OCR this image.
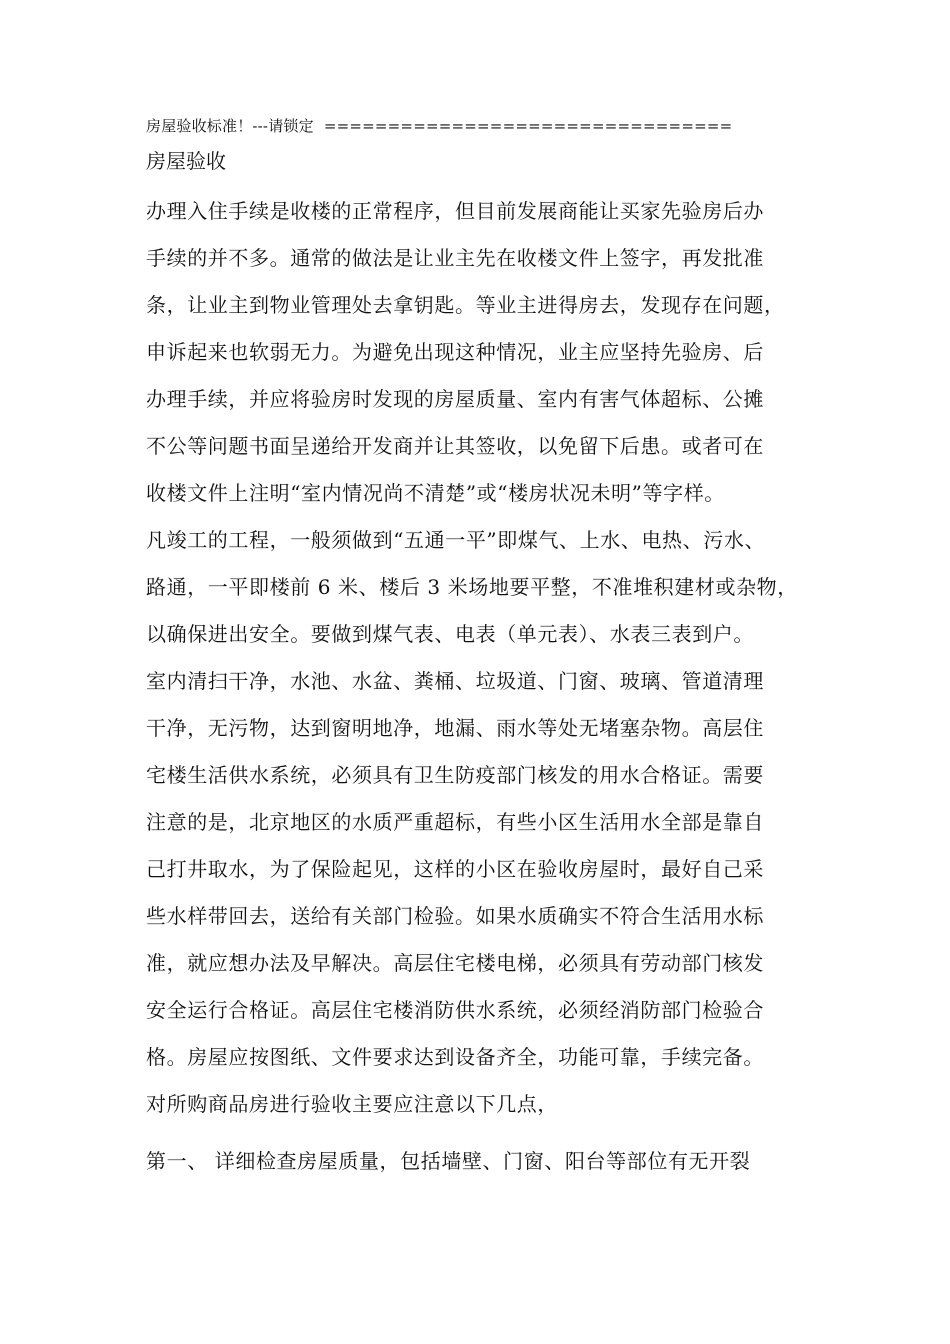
房屋验收标准！---请锁定 ================================
房屋验收
办理入住手续是收楼的正常程序，但目前发展商能让买家先验房后办
手续的并不多。通常的做法是让业主先在收楼文件上签字，再发批准
条，让业主到物业管理处去拿钥匙。等业主进得房去，发现存在问题，
申诉起来也软弱无力。为避免出现这种情况，业主应坚持先验房、后
办理手续，并应将验房时发现的房屋质量、室内有害气体超标、公摊
不公等问题书面呈递给开发商并让其签收，以免留下后患。或者可在
收楼文件上注明“室内情况尚不清楚”或“楼房状况未明”等字样。
凡竣工的工程，一般须做到“五通一平”即煤气、上水、电热、污水、
路通，一平即楼前 6 米、楼后 3 米场地要平整，不准堆积建材或杂物，
以确保进出安全。要做到煤气表、电表（单元表）、水表三表到户。
室内清扫干净，水池、水盆、粪桶、垃圾道、门窗、玻璃、管道清理
干净，无污物，达到窗明地净，地漏、雨水等处无堵塞杂物。高层住
宅楼生活供水系统，必须具有卫生防疫部门核发的用水合格证。需要
注意的是，北京地区的水质严重超标，有些小区生活用水全部是靠自
己打井取水，为了保险起见，这样的小区在验收房屋时，最好自己采
些水样带回去，送给有关部门检验。如果水质确实不符合生活用水标
准，就应想办法及早解决。高层住宅楼电梯，必须具有劳动部门核发
安全运行合格证。高层住宅楼消防供水系统，必须经消防部门检验合
格。房屋应按图纸、文件要求达到设备齐全，功能可靠，手续完备。
对所购商品房进行验收主要应注意以下几点，
第一、 详细检查房屋质量，包括墙壁、门窗、阳台等部位有无开裂
